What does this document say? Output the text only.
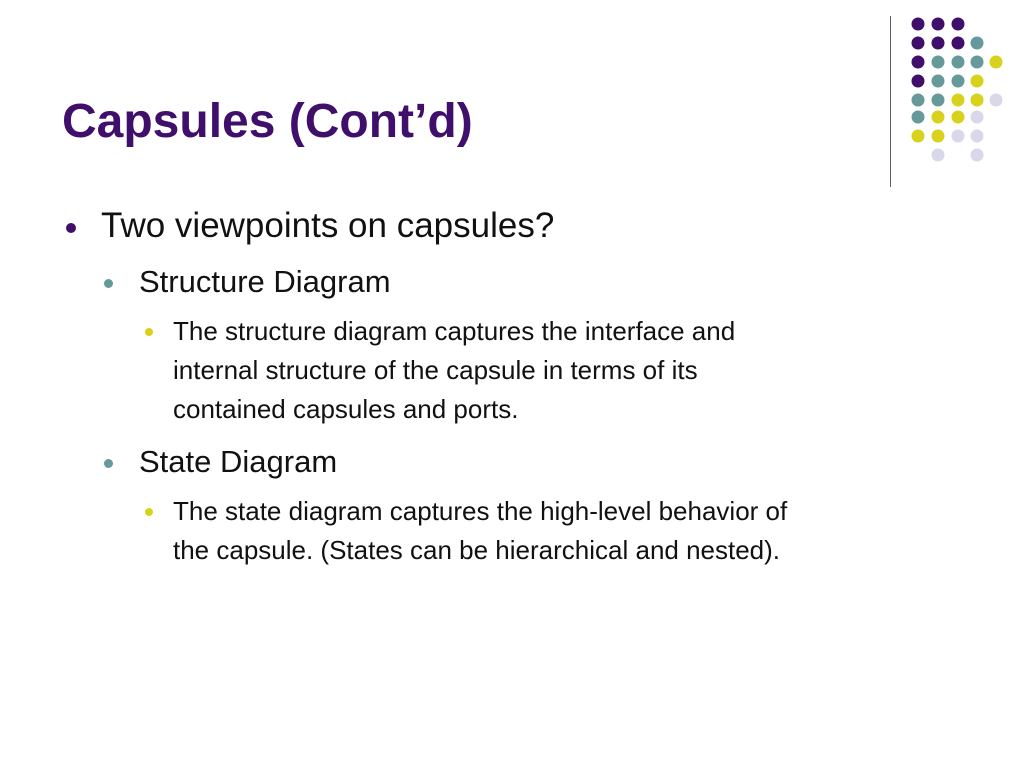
Capsules (Cont’d)
Two viewpoints on capsules?
Structure Diagram
The structure diagram captures the interface and
internal structure of the capsule in terms of its
contained capsules and ports.
State Diagram
The state diagram captures the high-level behavior of
the capsule. (States can be hierarchical and nested).
